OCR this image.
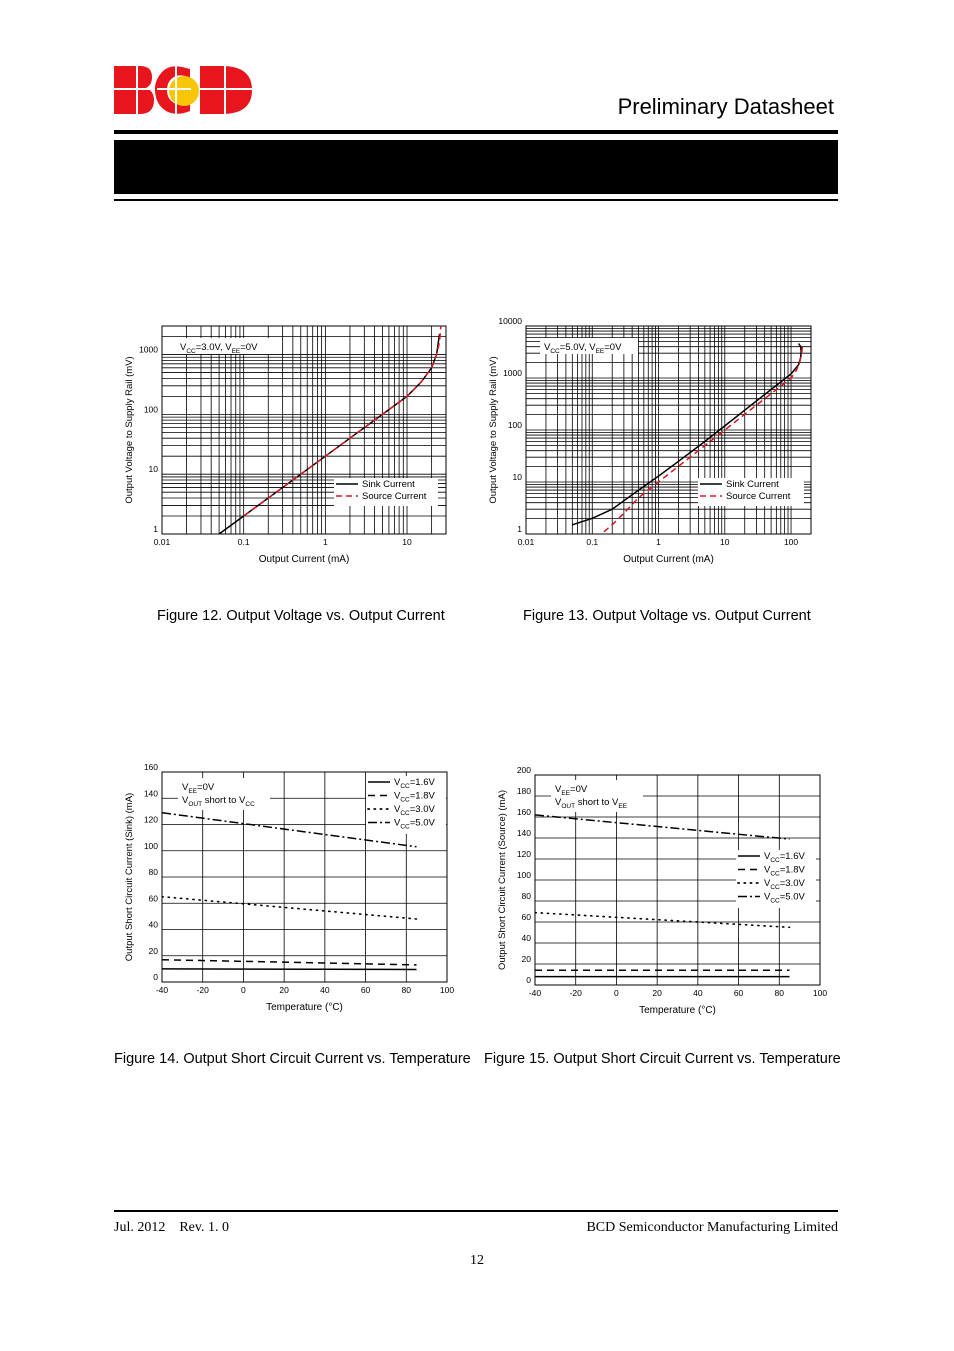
Preliminary Datasheet
0.01	0.1	1	10
1
10
100
1000
Output Current (mA)
Output Voltage to Supply Rail (mV)
$V_{CC}=3.0V$, $V_{EE}=0V$
Sink Current
Source Current
0.01	0.1	1	10	100
1
10
100
1000
10000
Output Current (mA)
Output Voltage to Supply Rail (mV)
$V_{CC}=5.0V$, $V_{EE}=0V$
Sink Current
Source Current
-40	-20	0	20	40	60	80	100
0
20
40
60
80
100
120
140
160
Temperature (°C)
Output Short Circuit Current (Sink) (mA)
$V_{EE}=0V$
$V_{OUT}$ short to $V_{CC}$
$V_{CC}=1.6V$
$V_{CC}=1.8V$
$V_{CC}=3.0V$
$V_{CC}=5.0V$
-40	-20	0	20	40	60	80	100
0
20
40
60
80
100
120
140
160
180
200
Temperature (°C)
Output Short Circuit Current (Source) (mA)
$V_{EE}=0V$
$V_{OUT}$ short to $V_{EE}$
$V_{CC}=1.6V$
$V_{CC}=1.8V$
$V_{CC}=3.0V$
$V_{CC}=5.0V$
Figure 12. Output Voltage vs. Output Current	Figure 13. Output Voltage vs. Output Current
Figure 14. Output Short Circuit Current vs. Temperature Figure 15. Output Short Circuit Current vs. Temperature
Jul. 2012    Rev. 1. 0	BCD Semiconductor Manufacturing Limited
12
